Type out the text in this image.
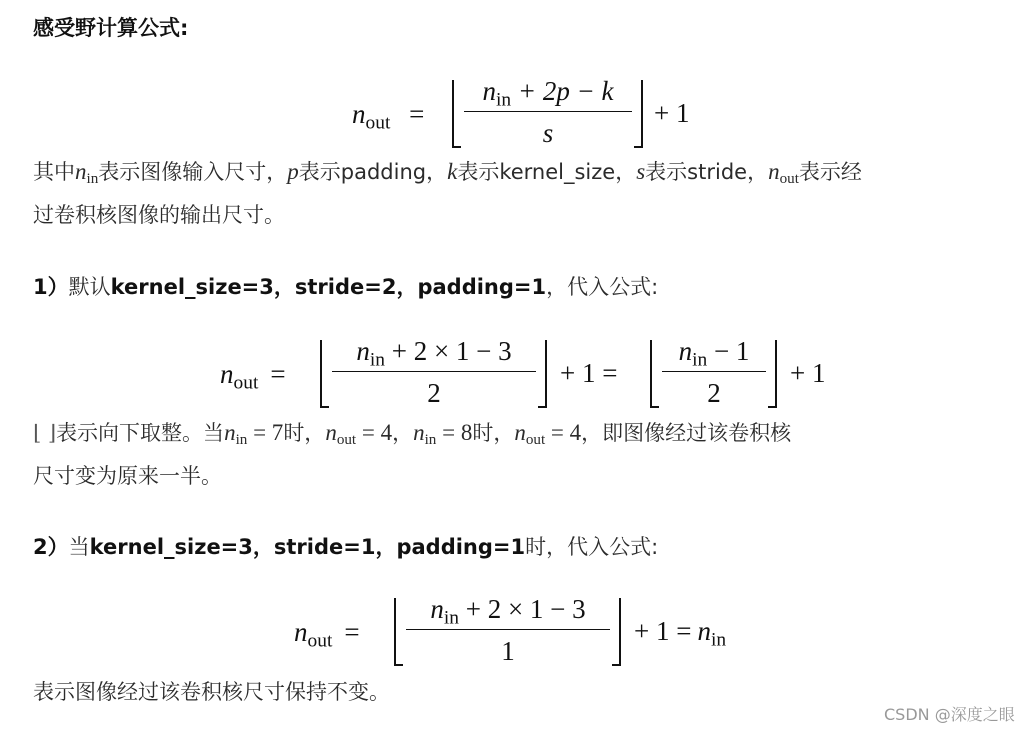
感受野计算公式:
$n_{out}$ =
$n_{in} + 2p - k$
s
+ 1
其中$n_{in}$表示图像输入尺寸，p表示padding，k表示kernel_size，s表示stride，$n_{out}$表示经
过卷积核图像的输出尺寸。
1）默认kernel_size=3，stride=2，padding=1，代入公式:
$n_{out}$ =
$n_{in} + 2 \times 1 - 3$
2
+ 1 =
$n_{in} - 1$
2
+ 1
⌊ ⌋表示向下取整。当$n_{in} = 7$时，$n_{out} = 4$，$n_{in} = 8$时，$n_{out} = 4$，即图像经过该卷积核
尺寸变为原来一半。
2）当kernel_size=3，stride=1，padding=1时，代入公式:
$n_{out}$ =
$n_{in} + 2 \times 1 - 3$
1
+ $1 = n_{in}$
表示图像经过该卷积核尺寸保持不变。
CSDN @深度之眼
